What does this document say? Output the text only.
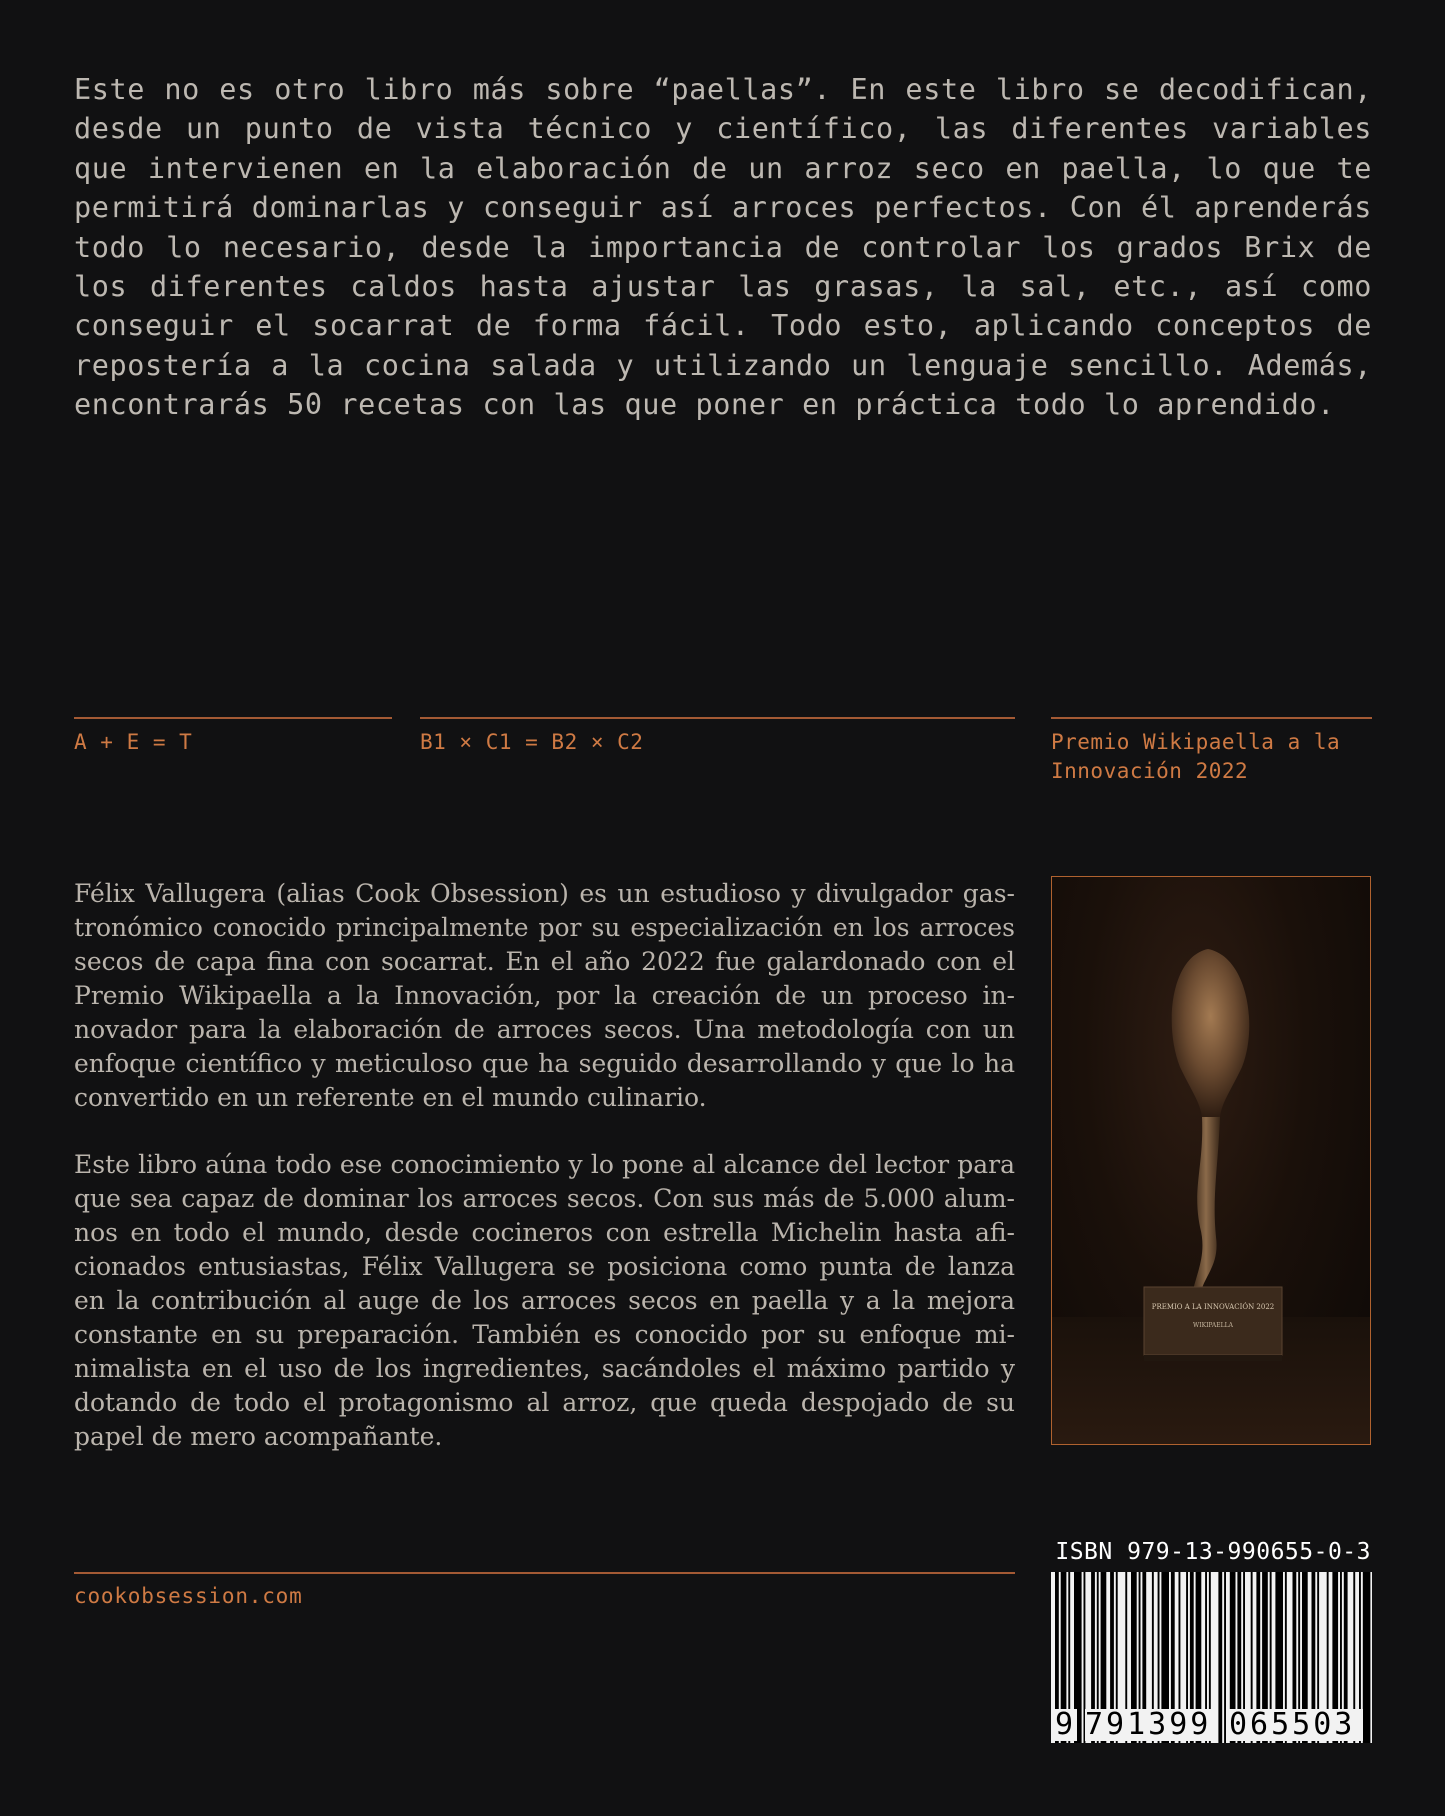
Este no es otro libro más sobre “paellas”. En este libro se decodifican, desde un punto de vista técnico y científico, las diferentes variables que intervienen en la elaboración de un arroz seco en paella, lo que te permitirá dominarlas y conseguir así arroces perfectos. Con él aprenderás todo lo necesario, desde la importancia de controlar los grados Brix de los diferentes caldos hasta ajustar las grasas, la sal, etc., así como conseguir el socarrat de forma fácil. Todo esto, aplicando conceptos de repostería a la cocina salada y utilizando un lenguaje sencillo. Además, encontrarás 50 recetas con las que poner en práctica todo lo aprendido.

A + E = T	B1 × C1 = B2 × C2	Premio Wikipaella a la Innovación 2022

Félix Vallugera (alias Cook Obsession) es un estudioso y divulgador gastronómico conocido principalmente por su especialización en los arroces secos de capa fina con socarrat. En el año 2022 fue galardonado con el Premio Wikipaella a la Innovación, por la creación de un proceso innovador para la elaboración de arroces secos. Una metodología con un enfoque científico y meticuloso que ha seguido desarrollando y que lo ha convertido en un referente en el mundo culinario.

Este libro aúna todo ese conocimiento y lo pone al alcance del lector para que sea capaz de dominar los arroces secos. Con sus más de 5.000 alumnos en todo el mundo, desde cocineros con estrella Michelin hasta aficionados entusiastas, Félix Vallugera se posiciona como punta de lanza en la contribución al auge de los arroces secos en paella y a la mejora constante en su preparación. También es conocido por su enfoque minimalista en el uso de los ingredientes, sacándoles el máximo partido y dotando de todo el protagonismo al arroz, que queda despojado de su papel de mero acompañante.

PREMIO A LA INNOVACIÓN 2022
WIKIPAELLA
cookobsession.com
ISBN 979-13-990655-0-3
9 791399 065503
